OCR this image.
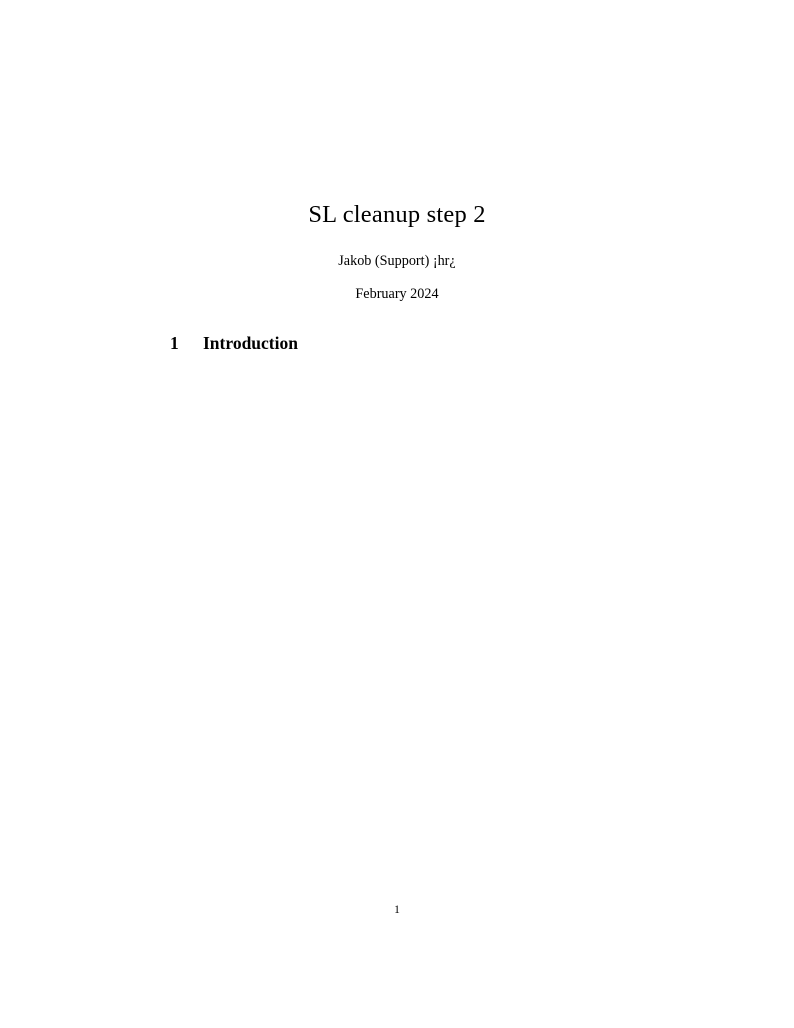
SL cleanup step 2

Jakob (Support) ¡hr¿

February 2024

1 Introduction
1
